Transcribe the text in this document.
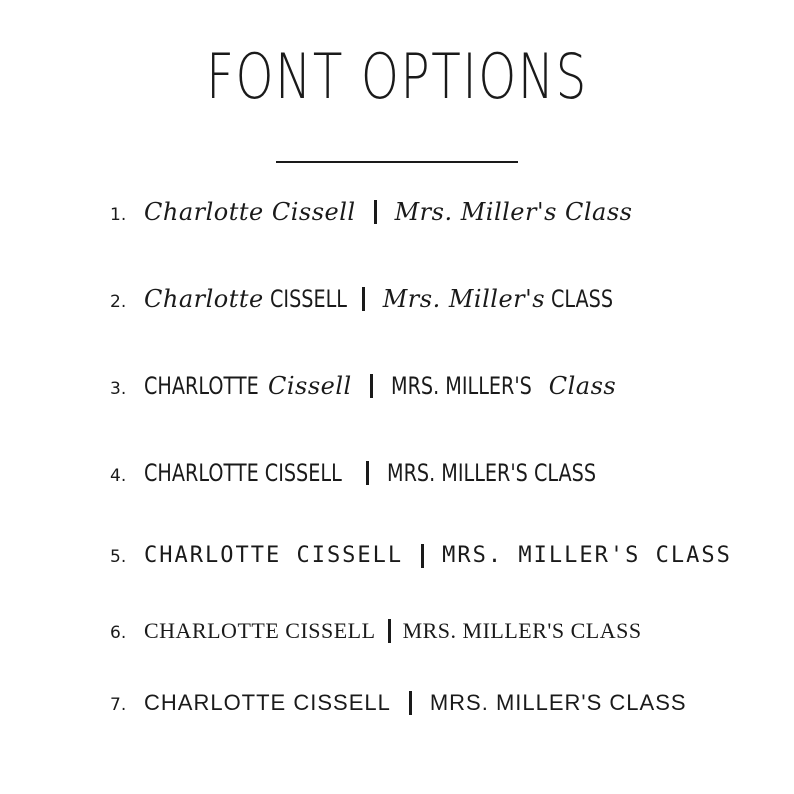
FONT OPTIONS
1. Charlotte Cissell Mrs. Miller's Class
2. Charlotte CISSELL Mrs. Miller's CLASS
3. CHARLOTTE Cissell MRS. MILLER'S Class
4. CHARLOTTE CISSELL MRS. MILLER'S CLASS
5. CHARLOTTE CISSELL MRS. MILLER'S CLASS
6. CHARLOTTE CISSELL MRS. MILLER'S CLASS
7. CHARLOTTE CISSELL MRS. MILLER'S CLASS
